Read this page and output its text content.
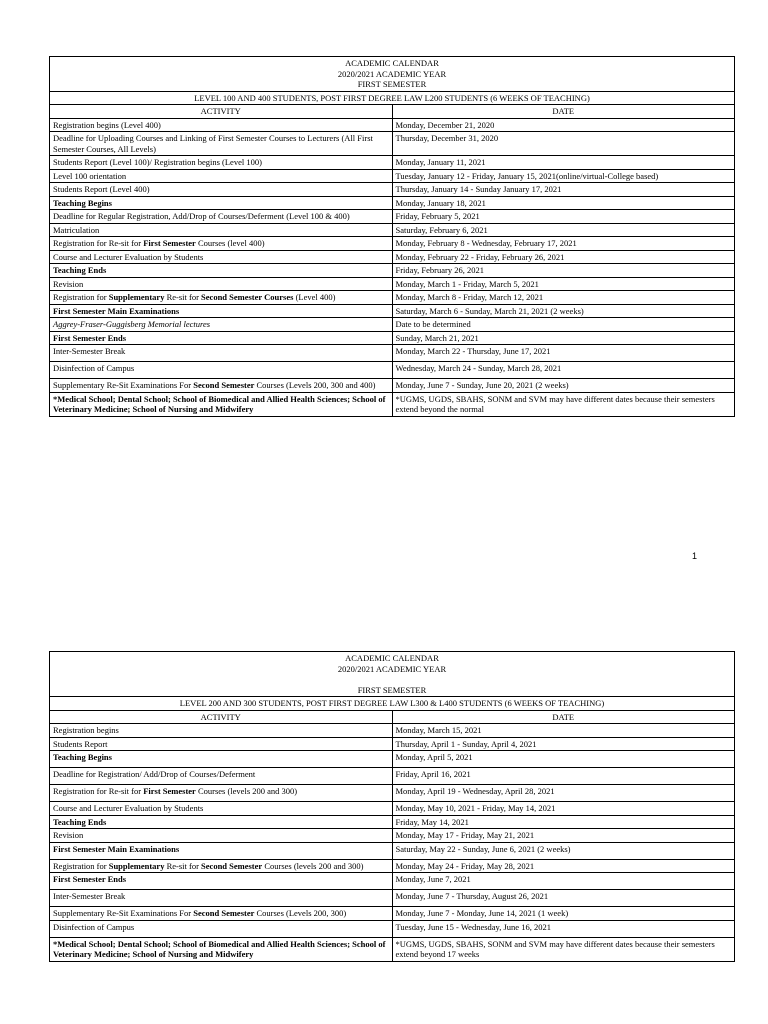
ACADEMIC CALENDAR
2020/2021 ACADEMIC YEAR
FIRST SEMESTER	

LEVEL 100 AND 400 STUDENTS, POST FIRST DEGREE LAW L200 STUDENTS (6 WEEKS OF TEACHING)	
ACTIVITY	DATE
Registration begins (Level 400)	Monday, December 21, 2020
Deadline for Uploading Courses and Linking of First Semester Courses to Lecturers (All First Semester Courses, All Levels)	Thursday, December 31, 2020
Students Report (Level 100)/ Registration begins (Level 100)	Monday, January 11, 2021
Level 100 orientation	Tuesday, January 12 - Friday, January 15, 2021(online/virtual-College based)
Students Report (Level 400)	Thursday, January 14 - Sunday January 17, 2021
Teaching Begins	Monday, January 18, 2021
Deadline for Regular Registration, Add/Drop of Courses/Deferment (Level 100 & 400)	Friday, February 5, 2021
Matriculation	Saturday, February 6, 2021
Registration for Re-sit for First Semester Courses (level 400)	Monday, February 8 - Wednesday, February 17, 2021
Course and Lecturer Evaluation by Students	Monday, February 22 - Friday, February 26, 2021
Teaching Ends	Friday, February 26, 2021
Revision	Monday, March 1 - Friday, March 5, 2021
Registration for Supplementary Re-sit for Second Semester Courses (Level 400)	Monday, March 8 - Friday, March 12, 2021
First Semester Main Examinations	Saturday, March 6 - Sunday, March 21, 2021 (2 weeks)
Aggrey-Fraser-Guggisberg Memorial lectures	Date to be determined
First Semester Ends	Sunday, March 21, 2021
Inter-Semester Break	Monday, March 22 - Thursday, June 17, 2021
Disinfection of Campus	Wednesday, March 24 - Sunday, March 28, 2021
Supplementary Re-Sit Examinations For Second Semester Courses (Levels 200, 300 and 400)	Monday, June 7 - Sunday, June 20, 2021 (2 weeks)
*Medical School; Dental School; School of Biomedical and Allied Health Sciences; School of Veterinary Medicine; School of Nursing and Midwifery	*UGMS, UGDS, SBAHS, SONM and SVM may have different dates because their semesters extend beyond the normal
1
ACADEMIC CALENDAR
2020/2021 ACADEMIC YEAR
FIRST SEMESTER	

LEVEL 200 AND 300 STUDENTS, POST FIRST DEGREE LAW L300 & L400 STUDENTS (6 WEEKS OF TEACHING)	
ACTIVITY	DATE
Registration begins	Monday, March 15, 2021
Students Report	Thursday, April 1 - Sunday, April 4, 2021
Teaching Begins	Monday, April 5, 2021
Deadline for Registration/ Add/Drop of Courses/Deferment	Friday, April 16, 2021
Registration for Re-sit for First Semester Courses (levels 200 and 300)	Monday, April 19 - Wednesday, April 28, 2021
Course and Lecturer Evaluation by Students	Monday, May 10, 2021 - Friday, May 14, 2021
Teaching Ends	Friday, May 14, 2021
Revision	Monday, May 17 - Friday, May 21, 2021
First Semester Main Examinations	Saturday, May 22 - Sunday, June 6, 2021 (2 weeks)
Registration for Supplementary Re-sit for Second Semester Courses (levels 200 and 300)	Monday, May 24 - Friday, May 28, 2021
First Semester Ends	Monday, June 7, 2021
Inter-Semester Break	Monday, June 7 - Thursday, August 26, 2021
Supplementary Re-Sit Examinations For Second Semester Courses (Levels 200, 300)	Monday, June 7 - Monday, June 14, 2021 (1 week)
Disinfection of Campus	Tuesday, June 15 - Wednesday, June 16, 2021
*Medical School; Dental School; School of Biomedical and Allied Health Sciences; School of Veterinary Medicine; School of Nursing and Midwifery	*UGMS, UGDS, SBAHS, SONM and SVM may have different dates because their semesters extend beyond 17 weeks
